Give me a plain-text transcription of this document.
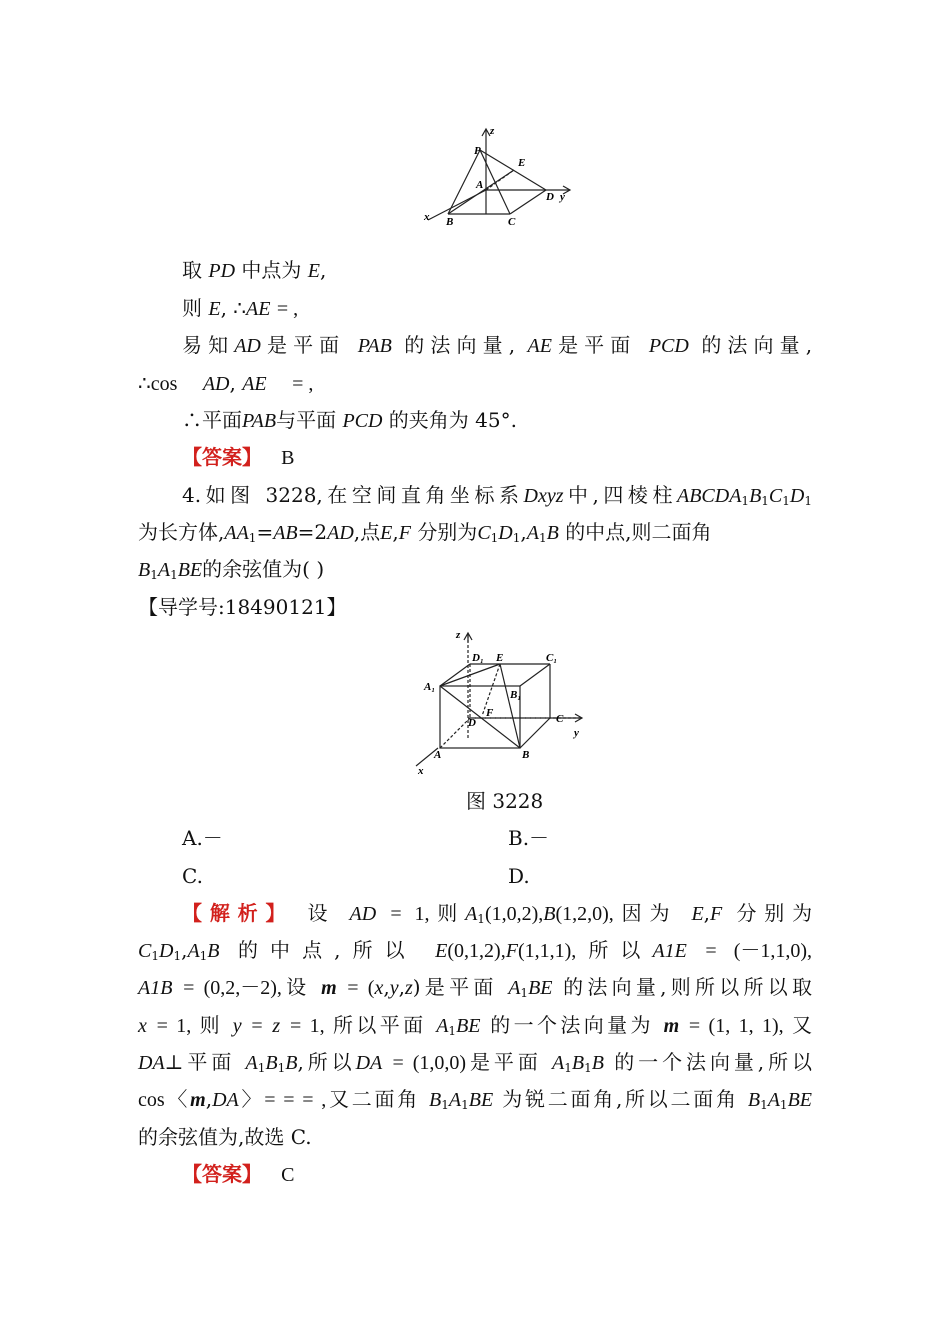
z
P
E
A
D y
x B	C
取 PD 中点为 E,
则 E, ∴AE = ,
易知AD是平面 PAB 的法向量, AE是平面 PCD 的法向量,
∴cos AD, AE = ,
∴平面PAB与平面 PCD 的夹角为 45°.
【答案】 B
4.如图 3228,在空间直角坐标系Dxyz中,四棱柱$ABCDA_1B_1C_1D_1$
为长方体$,AA_1=AB=2AD$,点E,F 分别为$C_1D_1,A_1B$ 的中点,则二面角
$B_1A_1BE$的余弦值为( )
【导学号:18490121】
z
D₁ E	C₁
A₁
B₁
F
D	C
y
A	B
x
图 3228
A.－	B.－
C.	D.
【解析】 设 AD = 1,则$A_1(1,0,2),B(1,2,0)$,因为 E,F 分别为
$C_1D_1,A_1B$ 的中点,所以 E(0,1,2),F(1,1,1),所以A1E = (－1,1,0),
A1B = (0,2,－2),设 m = (x,y,z)是平面 $A_1BE$ 的法向量,则所以所以取
x = 1, 则 y = z = 1, 所以平面 $A_1BE$ 的一个法向量为 m = (1, 1, 1), 又
DA⊥平面 $A_1B_1B$,所以DA = (1,0,0)是平面 $A_1B_1B$ 的一个法向量,所以
cos〈m,DA〉= = = ,又二面角 $B_1A_1BE$ 为锐二面角,所以二面角 $B_1A_1BE$
的余弦值为,故选 C.
【答案】 C
